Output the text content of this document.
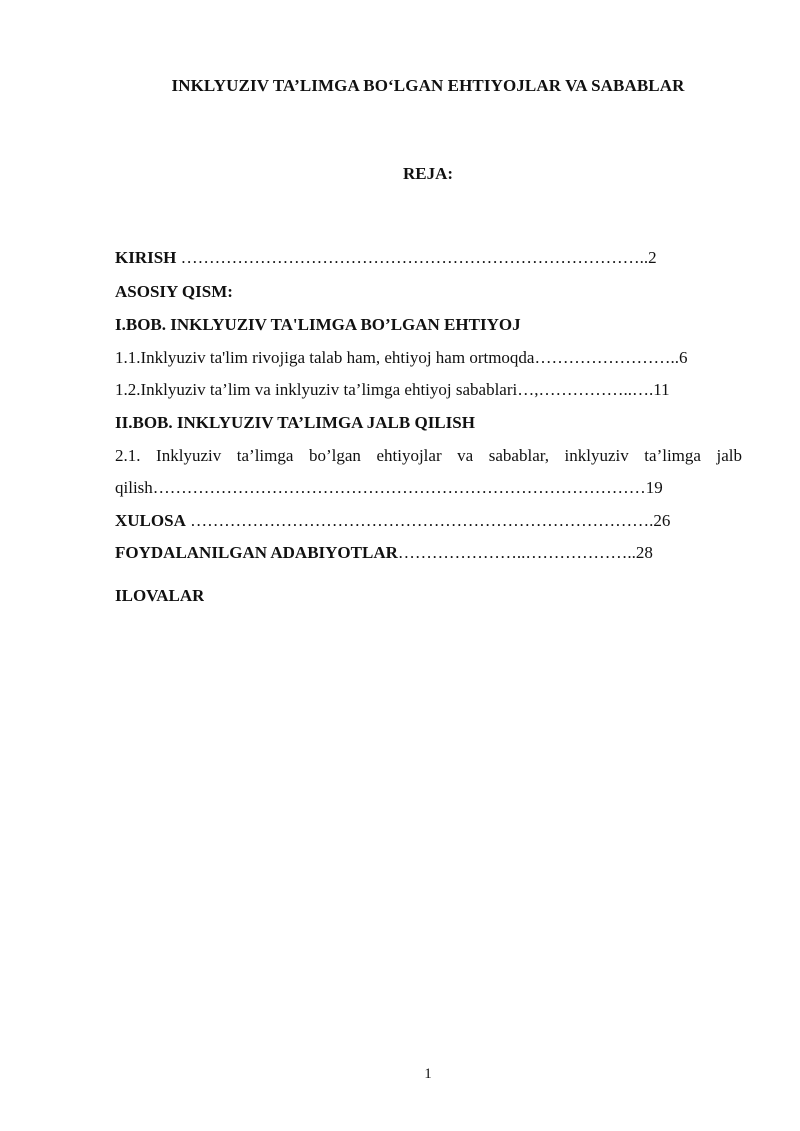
INKLYUZIV TA’LIMGA BO‘LGAN EHTIYOJLAR VA SABABLAR
REJA:
KIRISH ………………………………………………………………………..2
ASOSIY QISM:
I.BOB. INKLYUZIV TA'LIMGA BO’LGAN EHTIYOJ
1.1.Inklyuziv ta'lim rivojiga talab ham, ehtiyoj ham ortmoqda……………………..6
1.2.Inklyuziv ta’lim va inklyuziv ta’limga ehtiyoj sabablari…,……………..….11
II.BOB. INKLYUZIV TA’LIMGA JALB QILISH
2.1. Inklyuziv ta’limga bo’lgan ehtiyojlar va sabablar, inklyuziv ta’limga jalb
qilish……………………………………………………………………………19
XULOSA ……………………………………………………………………….26
FOYDALANILGAN ADABIYOTLAR…………………..………………..28
ILOVALAR
1
